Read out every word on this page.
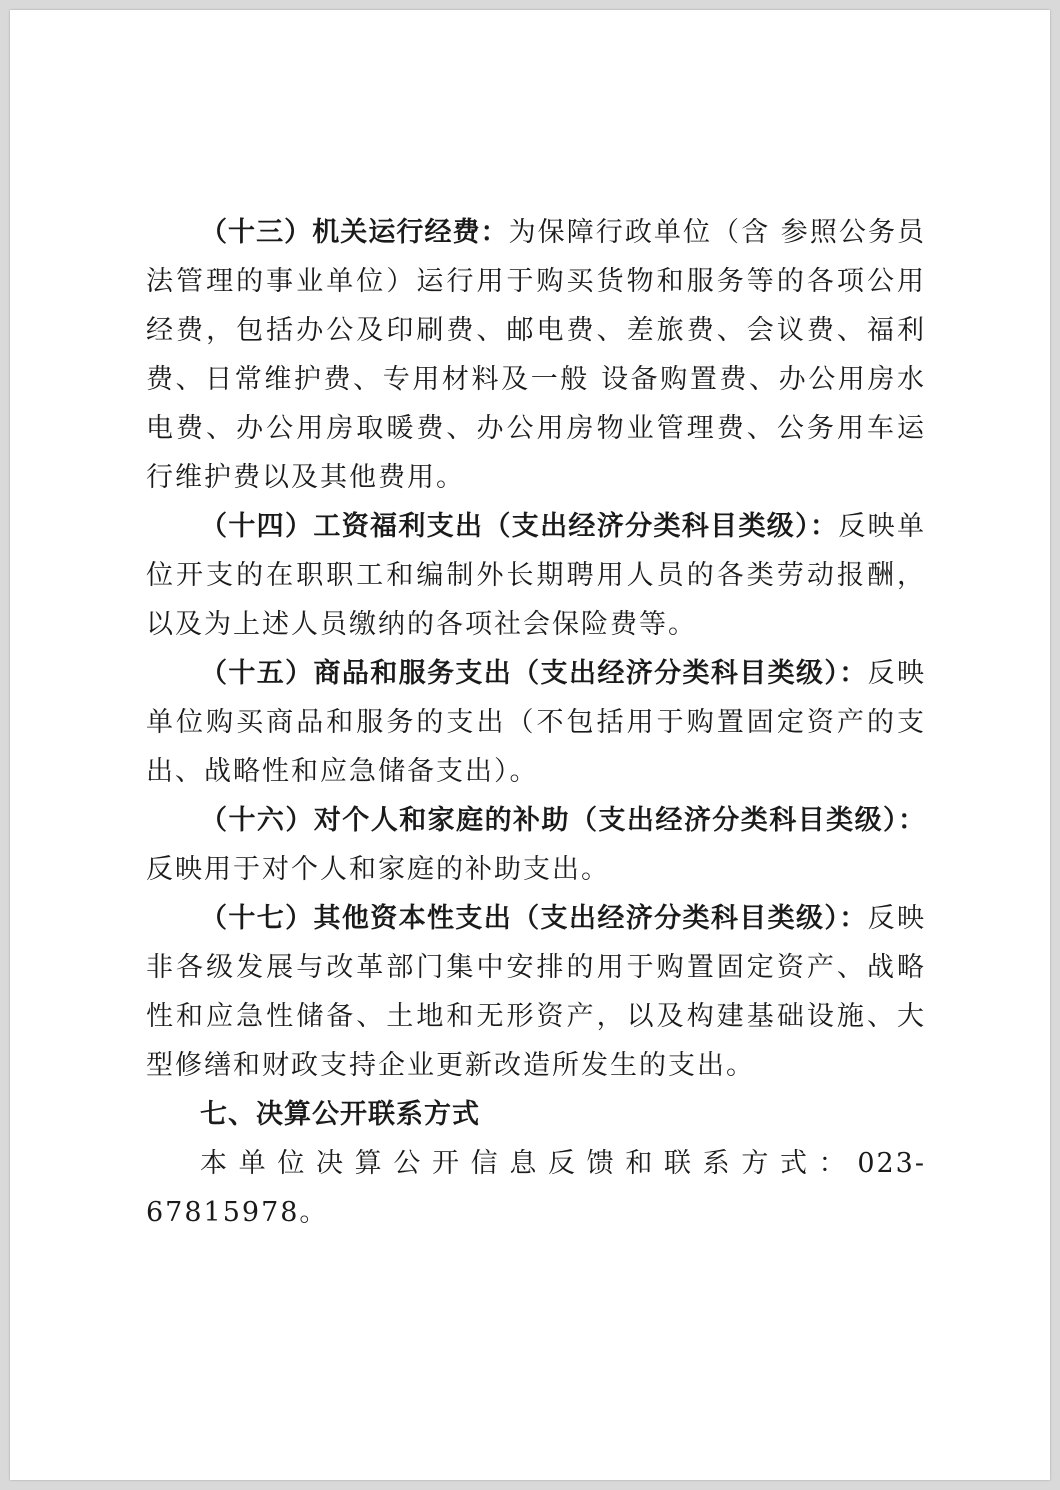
（十三）机关运行经费：为保障行政单位（含 参照公务员法管理的事业单位）运行用于购买货物和服务等的各项公用经费，包括办公及印刷费、邮电费、差旅费、会议费、福利费、日常维护费、专用材料及一般 设备购置费、办公用房水电费、办公用房取暖费、办公用房物业管理费、公务用车运行维护费以及其他费用。

（十四）工资福利支出（支出经济分类科目类级）：反映单位开支的在职职工和编制外长期聘用人员的各类劳动报酬，以及为上述人员缴纳的各项社会保险费等。

（十五）商品和服务支出（支出经济分类科目类级）：反映单位购买商品和服务的支出（不包括用于购置固定资产的支出、战略性和应急储备支出）。

（十六）对个人和家庭的补助（支出经济分类科目类级）：反映用于对个人和家庭的补助支出。

（十七）其他资本性支出（支出经济分类科目类级）：反映非各级发展与改革部门集中安排的用于购置固定资产、战略性和应急性储备、土地和无形资产，以及构建基础设施、大型修缮和财政支持企业更新改造所发生的支出。

七、决算公开联系方式

本单位决算公开信息反馈和联系方式：023-67815978。
